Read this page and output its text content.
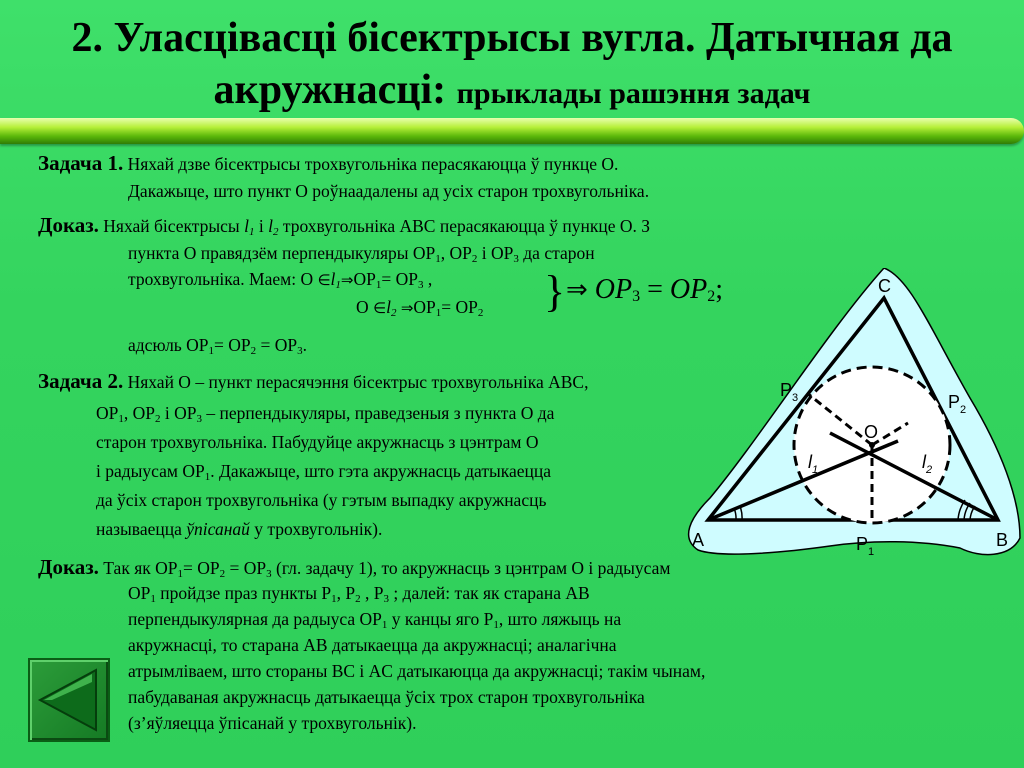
2. Уласцівасці бісектрысы вугла. Датычная да
акружнасці: прыклады рашэння задач
Задача 1. Няхай дзве бісектрысы трохвугольніка перасякаюцца ў пункце О.
Дакажыце, што пункт О роўнаадалены ад усіх старон трохвугольніка.
Доказ. Няхай бісектрысы $l_1$ і $l_2$ трохвугольніка ABC перасякаюцца ў пункце О. З
пункта О правядзём перпендыкуляры $OP_1$, $OP_2$ і $OP_3$ да старон
трохвугольніка. Маем: О $\in l_1\Rightarrow OP_1= OP_3$ ,
О $\in l_2$ $\Rightarrow OP_1= OP_2$ } ⇒ $OP_3 = OP_2$;
адсюль $OP_1= OP_2 = OP_3$.
Задача 2. Няхай О – пункт перасячэння бісектрыс трохвугольніка ABC,
$OP_1$, $OP_2$ і $OP_3$ – перпендыкуляры, праведзеныя з пункта О да
старон трохвугольніка. Пабудуйце акружнасць з цэнтрам О
і радыусам $OP_1$. Дакажыце, што гэта акружнасць датыкаецца
да ўсіх старон трохвугольніка (у гэтым выпадку акружнасць
называецца ўпісанай у трохвугольнік).
Доказ. Так як $OP_1= OP_2 = OP_3$ (гл. задачу 1), то акружнасць з цэнтрам О і радыусам
$OP_1$ пройдзе праз пункты $P_1$, $P_2$ , $P_3$ ; далей: так як старана AB
перпендыкулярная да радыуса $OP_1$ у канцы яго $P_1$, што ляжыць на
акружнасці, то старана AB датыкаецца да акружнасці; аналагічна
атрымліваем, што стораны BC і AC датыкаюцца да акружнасці; такім чынам,
пабудаваная акружнасць датыкаецца ўсіх трох старон трохвугольніка
(з’яўляецца ўпісанай у трохвугольнік).
C
A	B
O
$P_1$
$P_2$
$P_3$
$l_1$	$l_2$
